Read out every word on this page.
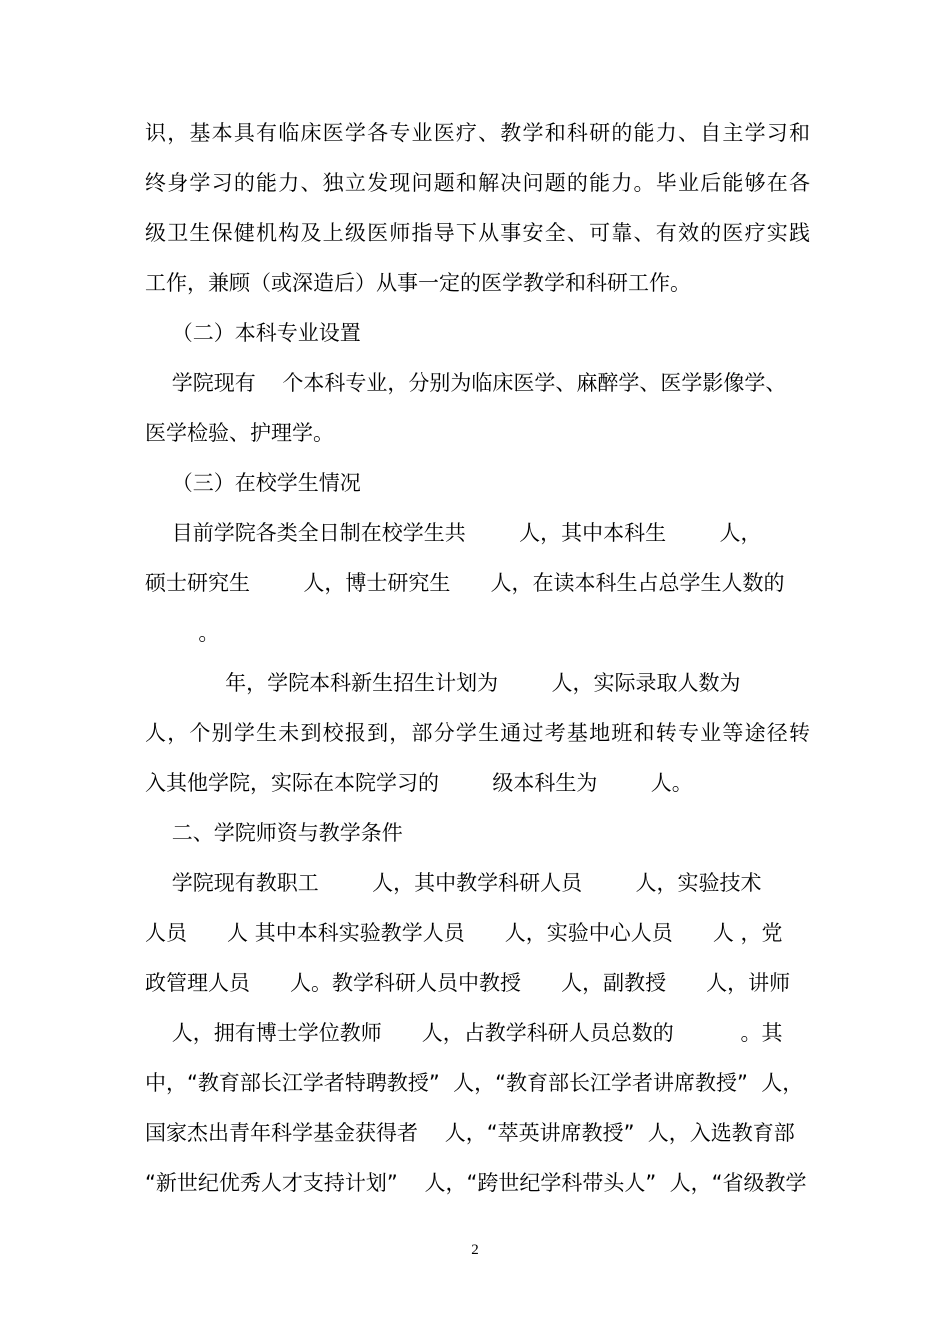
识，基本具有临床医学各专业医疗、教学和科研的能力、自主学习和
终身学习的能力、独立发现问题和解决问题的能力。毕业后能够在各
级卫生保健机构及上级医师指导下从事安全、可靠、有效的医疗实践
工作，兼顾（或深造后）从事一定的医学教学和科研工作。
（二）本科专业设置
学院现有    个本科专业，分别为临床医学、麻醉学、医学影像学、
医学检验、护理学。
（三）在校学生情况
目前学院各类全日制在校学生共        人，其中本科生        人，
硕士研究生        人，博士研究生      人，在读本科生占总学生人数的
。
年，学院本科新生招生计划为        人，实际录取人数为
人，个别学生未到校报到，部分学生通过考基地班和转专业等途径转
入其他学院，实际在本院学习的        级本科生为        人。
二、学院师资与教学条件
学院现有教职工        人，其中教学科研人员        人，实验技术
人员      人 其中本科实验教学人员      人，实验中心人员      人 ，党
政管理人员      人。教学科研人员中教授      人，副教授      人，讲师
人，拥有博士学位教师      人，占教学科研人员总数的          。其
中，“教育部长江学者特聘教授”  人，“教育部长江学者讲席教授”  人，
国家杰出青年科学基金获得者    人，“萃英讲席教授”  人，入选教育部
“新世纪优秀人才支持计划”    人，“跨世纪学科带头人”  人，“省级教学
2
